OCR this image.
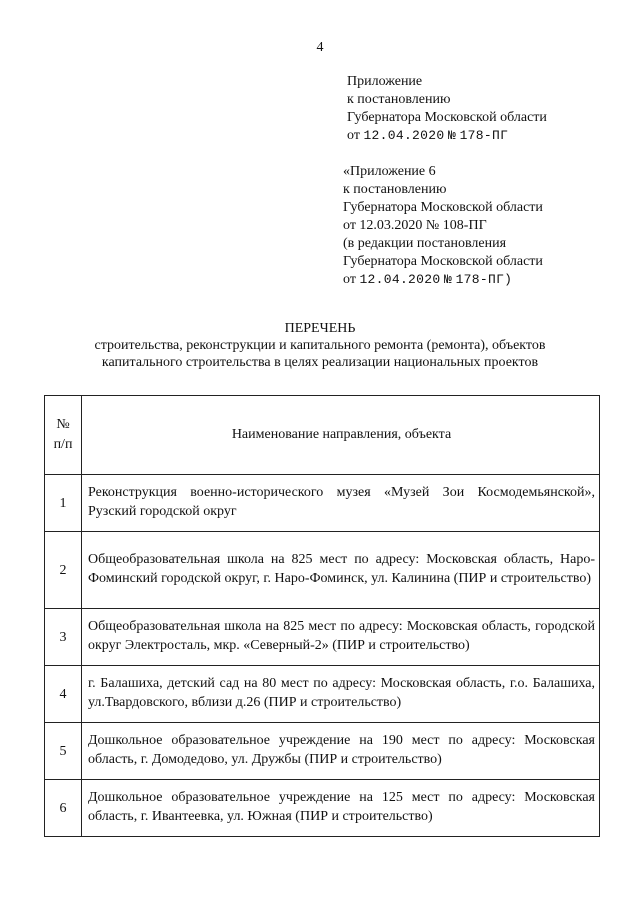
4
Приложение
к постановлению
Губернатора Московской области
от 12.04.2020 № 178-ПГ
«Приложение 6
к постановлению
Губернатора Московской области
от 12.03.2020 № 108-ПГ
(в редакции постановления
Губернатора Московской области
от 12.04.2020 № 178-ПГ)
ПЕРЕЧЕНЬ
строительства, реконструкции и капитального ремонта (ремонта), объектов
капитального строительства в целях реализации национальных проектов
№
п/п	Наименование направления, объекта
1	Реконструкция военно-исторического музея «Музей Зои Космодемьянской», Рузский городской округ
2	Общеобразовательная школа на 825 мест по адресу: Московская область, Наро-Фоминский городской округ, г. Наро-Фоминск, ул. Калинина (ПИР и строительство)
3	Общеобразовательная школа на 825 мест по адресу: Московская область, городской округ Электросталь, мкр. «Северный-2» (ПИР и строительство)
4	г. Балашиха, детский сад на 80 мест по адресу: Московская область, г.о. Балашиха, ул.Твардовского, вблизи д.26 (ПИР и строительство)
5	Дошкольное образовательное учреждение на 190 мест по адресу: Московская область, г. Домодедово, ул. Дружбы (ПИР и строительство)
6	Дошкольное образовательное учреждение на 125 мест по адресу: Московская область, г. Ивантеевка, ул. Южная (ПИР и строительство)
